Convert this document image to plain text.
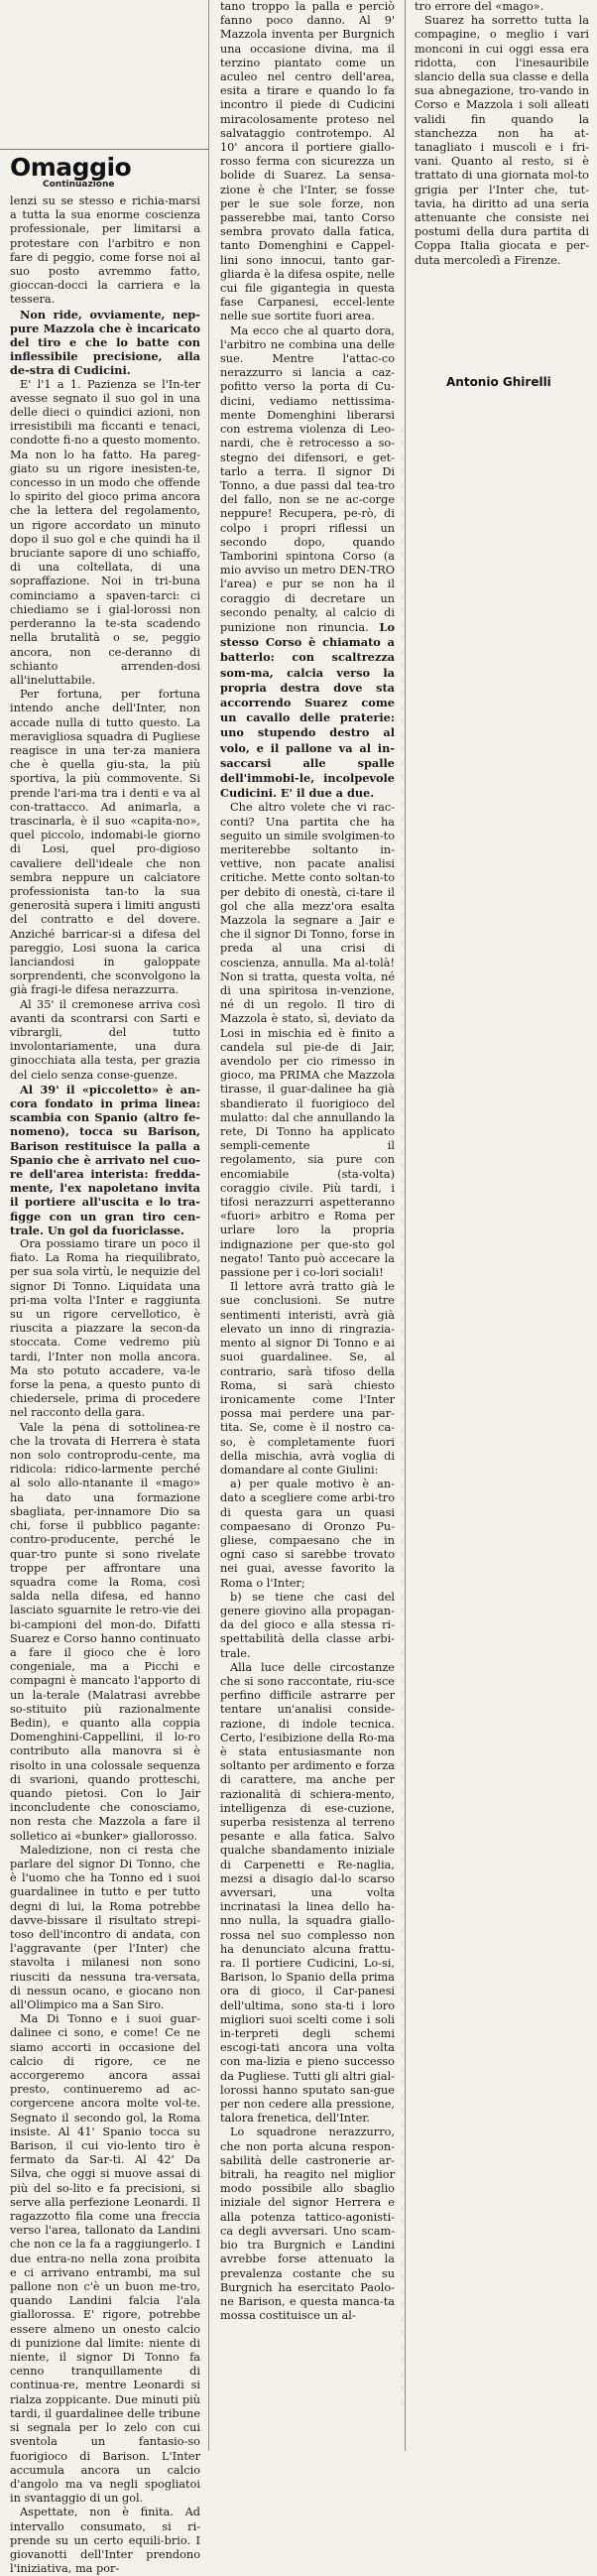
Omaggio
Continuazione

lenzi su se stesso e richia-marsi a tutta la sua enorme coscienza professionale, per limitarsi a protestare con l'arbitro e non fare di peggio, come forse noi al suo posto avremmo fatto, gioccan-docci la carriera e la tessera.

Non ride, ovviamente, nep-pure Mazzola che è incaricato del tiro e che lo batte con inflessibile precisione, alla de-stra di Cudicini.

E' l'1 a 1. Pazienza se l'In-ter avesse segnato il suo gol in una delle dieci o quindici azioni, non irresistibili ma ficcanti e tenaci, condotte fi-no a questo momento. Ma non lo ha fatto. Ha pareg-giato su un rigore inesisten-te, concesso in un modo che offende lo spirito del gioco prima ancora che la lettera del regolamento, un rigore accordato un minuto dopo il suo gol e che quindi ha il bruciante sapore di uno schiaffo, di una coltellata, di una sopraffazione. Noi in tri-buna cominciamo a spaven-tarci: ci chiediamo se i gial-lorossi non perderanno la te-sta scadendo nella brutalità o se, peggio ancora, non ce-deranno di schianto arrenden-dosi all'ineluttabile.

Per fortuna, per fortuna intendo anche dell'Inter, non accade nulla di tutto questo. La meravigliosa squadra di Pugliese reagisce in una ter-za maniera che è quella giu-sta, la più sportiva, la più commovente. Si prende l'ari-ma tra i denti e va al con-trattacco. Ad animarla, a trascinarla, è il suo «capita-no», quel piccolo, indomabi-le giorno di Losi, quel pro-digioso cavaliere dell'ideale che non sembra neppure un calciatore professionista tan-to la sua generosità supera i limiti angusti del contratto e del dovere. Anziché barricar-si a difesa del pareggio, Losi suona la carica lanciandosi in galoppate sorprendenti, che sconvolgono la già fragi-le difesa nerazzurra.

Al 35' il cremonese arriva così avanti da scontrarsi con Sarti e vibrargli, del tutto involontariamente, una dura ginocchiata alla testa, per grazia del cielo senza conse-guenze.

Al 39' il «piccoletto» è an-cora fondato in prima linea: scambia con Spanio (altro fe-nomeno), tocca su Barison, Barison restituisce la palla a Spanio che è arrivato nel cuo-re dell'area interista: fredda-mente, l'ex napoletano invita il portiere all'uscita e lo tra-figge con un gran tiro cen-trale. Un gol da fuoriclasse.

Ora possiamo tirare un poco il fiato. La Roma ha riequilibrato, per sua sola virtù, le nequizie del signor Di Tonno. Liquidata una pri-ma volta l'Inter e raggiunta su un rigore cervellotico, è riuscita a piazzare la secon-da stoccata. Come vedremo più tardi, l'Inter non molla ancora. Ma sto potuto accadere, va-le forse la pena, a questo punto di chiedersele, prima di procedere nel racconto della gara.

Vale la pena di sottolinea-re che la trovata di Herrera è stata non solo controprodu-cente, ma ridicola: ridico-larmente perché al solo allo-ntanante il «mago» ha dato una formazione sbagliata, per-innamore Dio sa chi, forse il pubblico pagante: contro-producente, perché le quar-tro punte si sono rivelate troppe per affrontare una squadra come la Roma, così salda nella difesa, ed hanno lasciato sguarnite le retro-vie dei bi-campioni del mon-do. Difatti Suarez e Corso hanno continuato a fare il gioco che è loro congeniale, ma a Picchi e compagni è mancato l'apporto di un la-terale (Malatrasi avrebbe so-stituito più razionalmente Bedin), e quanto alla coppia Domenghini-Cappellini, il lo-ro contributo alla manovra si è risolto in una colossale sequenza di svarioni, quando protteschi, quando pietosi. Con lo Jair inconcludente che conosciamo, non resta che Mazzola a fare il solletico ai «bunker» giallorosso.

Maledizione, non ci resta che parlare del signor Di Tonno, che è l'uomo che ha Tonno ed i suoi guardalinee in tutto e per tutto degni di lui, la Roma potrebbe davve-bissare il risultato strepi-toso dell'incontro di andata, con l'aggravante (per l'Inter) che stavolta i milanesi non sono riusciti da nessuna tra-versata, di nessun ocano, e giocano non all'Olimpico ma a San Siro.

Ma Di Tonno e i suoi guar-dalinee ci sono, e come! Ce ne siamo accorti in occasione del calcio di rigore, ce ne accorgeremo ancora assai presto, continueremo ad ac-corgercene ancora molte vol-te. Segnato il secondo gol, la Roma insiste. Al 41' Spanio tocca su Barison, il cui vio-lento tiro è fermato da Sar-ti. Al 42' Da Silva, che oggi si muove assai di più del so-lito e fa precisioni, si serve alla perfezione Leonardi. Il ragazzotto fila come una freccia verso l'area, tallonato da Landini che non ce la fa a raggiungerlo. I due entra-no nella zona proibita e ci arrivano entrambi, ma sul pallone non c'è un buon me-tro, quando Landini falcia l'ala giallorossa. E' rigore, potrebbe essere almeno un onesto calcio di punizione dal limite: niente di niente, il signor Di Tonno fa cenno tranquillamente di continua-re, mentre Leonardi si rialza zoppicante. Due minuti più tardi, il guardalinee delle tribune si segnala per lo zelo con cui sventola un fantasio-so fuorigioco di Barison. L'Inter accumula ancora un calcio d'angolo ma va negli spogliatoi in svantaggio di un gol.

Aspettate, non è finita. Ad intervallo consumato, si ri-prende su un certo equili-brio. I giovanotti dell'Inter prendono l'iniziativa, ma por-

tano troppo la palla e perciò fanno poco danno. Al 9' Mazzola inventa per Burgnich una occasione divina, ma il terzino piantato come un aculeo nel centro dell'area, esita a tirare e quando lo fa incontro il piede di Cudicini miracolosamente proteso nel salvataggio controtempo. Al 10' ancora il portiere giallo-rosso ferma con sicurezza un bolide di Suarez. La sensa-zione è che l'Inter, se fosse per le sue sole forze, non passerebbe mai, tanto Corso sembra provato dalla fatica, tanto Domenghini e Cappel-lini sono innocui, tanto gar-gliarda è la difesa ospite, nelle cui file gigantegia in questa fase Carpanesi, eccel-lente nelle sue sortite fuori area.

Ma ecco che al quarto dora, l'arbitro ne combina una delle sue. Mentre l'attac-co nerazzurro si lancia a caz-pofitto verso la porta di Cu-dicini, vediamo nettissima-mente Domenghini liberarsi con estrema violenza di Leo-nardi, che è retrocesso a so-stegno dei difensori, e get-tarlo a terra. Il signor Di Tonno, a due passi dal tea-tro del fallo, non se ne ac-corge neppure! Recupera, pe-rò, di colpo i propri riflessi un secondo dopo, quando Tamborini spintona Corso (a mio avviso un metro DEN-TRO l'area) e pur se non ha il coraggio di decretare un secondo penalty, al calcio di punizione non rinuncia. Lo stesso Corso è chiamato a batterlo: con scaltrezza som-ma, calcia verso la propria destra dove sta accorrendo Suarez come un cavallo delle praterie: uno stupendo destro al volo, e il pallone va al in-saccarsi alle spalle dell'immobi-le, incolpevole Cudicini. E' il due a due.

Che altro volete che vi rac-conti? Una partita che ha seguito un simile svolgimen-to meriterebbe soltanto in-vettive, non pacate analisi critiche. Mette conto soltan-to per debito di onestà, ci-tare il gol che alla mezz'ora esalta Mazzola la segnare a Jair e che il signor Di Tonno, forse in preda al una crisi di coscienza, annulla. Ma al-tolà! Non si tratta, questa volta, né di una spiritosa in-venzione, né di un regolo. Il tiro di Mazzola è stato, sì, deviato da Losi in mischia ed è finito a candela sul pie-de di Jair, avendolo per cio rimesso in gioco, ma PRIMA che Mazzola tirasse, il guar-dalinee ha già sbandierato il fuorigioco del mulatto: dal che annullando la rete, Di Tonno ha applicato sempli-cemente il regolamento, sia pure con encomiabile (sta-volta) coraggio civile. Più tardi, i tifosi nerazzurri aspetteranno «fuori» arbitro e Roma per urlare loro la propria indignazione per que-sto gol negato! Tanto può accecare la passione per i co-lori sociali!

Il lettore avrà tratto già le sue conclusioni. Se nutre sentimenti interisti, avrà già elevato un inno di ringrazia-mento al signor Di Tonno e ai suoi guardalinee. Se, al contrario, sarà tifoso della Roma, si sarà chiesto ironicamente come l'Inter possa mai perdere una par-tita. Se, come è il nostro ca-so, è completamente fuori della mischia, avrà voglia di domandare al conte Giulini:

a) per quale motivo è an-dato a scegliere come arbi-tro di questa gara un quasi compaesano di Oronzo Pu-gliese, compaesano che in ogni caso si sarebbe trovato nei guai, avesse favorito la Roma o l'Inter;

b) se tiene che casi del genere giovino alla propagan-da del gioco e alla stessa ri-spettabilità della classe arbi-trale.

Alla luce delle circostanze che si sono raccontate, riu-sce perfino difficile astrarre per tentare un'analisi conside-razione, di indole tecnica. Certo, l'esibizione della Ro-ma è stata entusiasmante non soltanto per ardimento e forza di carattere, ma anche per razionalità di schiera-mento, intelligenza di ese-cuzione, superba resistenza al terreno pesante e alla fatica. Salvo qualche sbandamento iniziale di Carpenetti e Re-naglia, mezsi a disagio dal-lo scarso avversari, una volta incrinatasi la linea dello ha-nno nulla, la squadra giallo-rossa nel suo complesso non ha denunciato alcuna frattu-ra. Il portiere Cudicini, Lo-si, Barison, lo Spanio della prima ora di gioco, il Car-panesi dell'ultima, sono sta-ti i loro migliori suoi scelti come i soli in-terpreti degli schemi escogi-tati ancora una volta con ma-lizia e pieno successo da Pugliese. Tutti gli altri gial-lorossi hanno sputato san-gue per non cedere alla pressione, talora frenetica, dell'Inter.

Lo squadrone nerazzurro, che non porta alcuna respon-sabilità delle castronerie ar-bitrali, ha reagito nel miglior modo possibile allo sbaglio iniziale del signor Herrera e alla potenza tattico-agonisti-ca degli avversari. Uno scam-bio tra Burgnich e Landini avrebbe forse attenuato la prevalenza costante che su Burgnich ha esercitato Paolo-ne Barison, e questa manca-ta mossa costituisce un al-

tro errore del «mago».

Suarez ha sorretto tutta la compagine, o meglio i vari monconi in cui oggi essa era ridotta, con l'inesauribile slancio della sua classe e della sua abnegazione, tro-vando in Corso e Mazzola i soli alleati validi fin quando la stanchezza non ha at-tanagliato i muscoli e i fri-vani. Quanto al resto, si è trattato di una giornata mol-to grigia per l'Inter che, tut-tavia, ha diritto ad una seria attenuante che consiste nei postumi della dura partita di Coppa Italia giocata e per-duta mercoledì a Firenze.

Antonio Ghirelli
